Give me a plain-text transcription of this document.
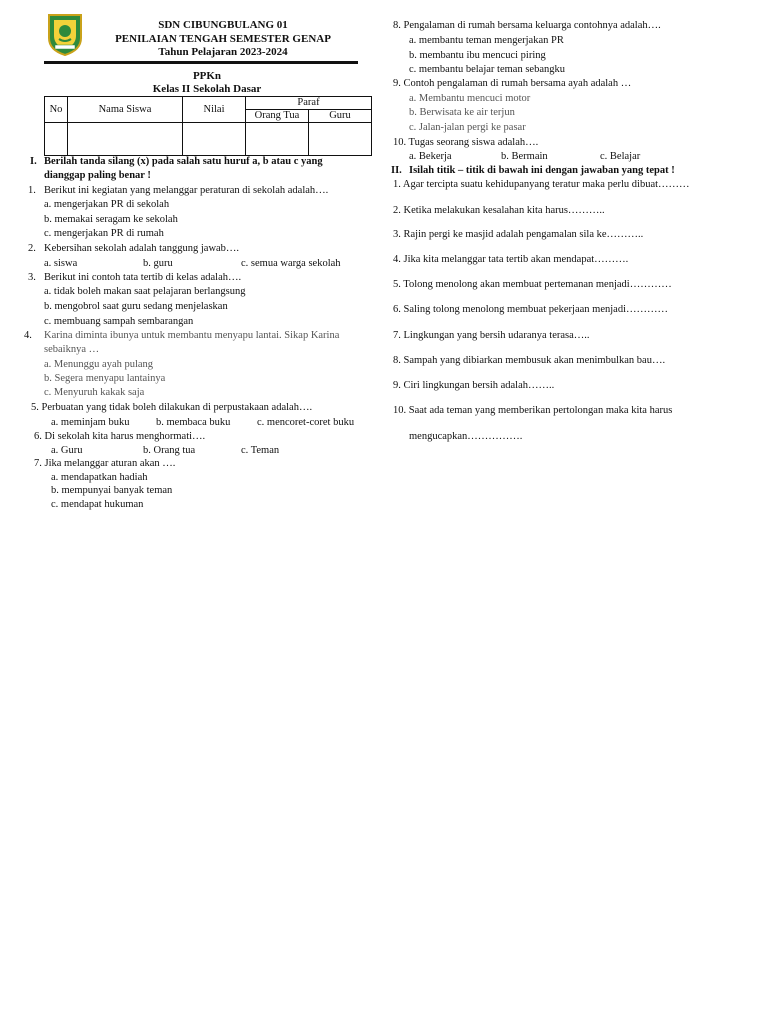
SDN CIBUNGBULANG 01
PENILAIAN TENGAH SEMESTER GENAP
Tahun Pelajaran 2023-2024
PPKn
Kelas II Sekolah Dasar
No	Nama Siswa	Nilai	Paraf	
			Orang Tua	Guru

I. Berilah tanda silang (x) pada salah satu huruf a, b atau c yang
dianggap paling benar !
1. Berikut ini kegiatan yang melanggar peraturan di sekolah adalah….
a. mengerjakan PR di sekolah
b. memakai seragam ke sekolah
c. mengerjakan PR di rumah
2. Kebersihan sekolah adalah tanggung jawab….
a. siswa	b. guru	c. semua warga sekolah
3. Berikut ini contoh tata tertib di kelas adalah….
a. tidak boleh makan saat pelajaran berlangsung
b. mengobrol saat guru sedang menjelaskan
c. membuang sampah sembarangan
4. Karina diminta ibunya untuk membantu menyapu lantai. Sikap Karina
sebaiknya …
a. Menunggu ayah pulang
b. Segera menyapu lantainya
c. Menyuruh kakak saja
5. Perbuatan yang tidak boleh dilakukan di perpustakaan adalah….
a. meminjam buku	b. membaca buku	c. mencoret-coret buku
6. Di sekolah kita harus menghormati….
a. Guru	b. Orang tua	c. Teman
7. Jika melanggar aturan akan ….
a. mendapatkan hadiah
b. mempunyai banyak teman
c. mendapat hukuman
8. Pengalaman di rumah bersama keluarga contohnya adalah….
a. membantu teman mengerjakan PR
b. membantu ibu mencuci piring
c. membantu belajar teman sebangku
9. Contoh pengalaman di rumah bersama ayah adalah …
a. Membantu mencuci motor
b. Berwisata ke air terjun
c. Jalan-jalan pergi ke pasar
10. Tugas seorang siswa adalah….
a. Bekerja	b. Bermain	c. Belajar
II. Isilah titik – titik di bawah ini dengan jawaban yang tepat !
1. Agar tercipta suatu kehidupanyang teratur maka perlu dibuat………
2. Ketika melakukan kesalahan kita harus………..
3. Rajin pergi ke masjid adalah pengamalan sila ke………..
4. Jika kita melanggar tata tertib akan mendapat……….
5. Tolong menolong akan membuat pertemanan menjadi…………
6. Saling tolong menolong membuat pekerjaan menjadi…………
7. Lingkungan yang bersih udaranya terasa…..
8. Sampah yang dibiarkan membusuk akan menimbulkan bau….
9. Ciri lingkungan bersih adalah……..
10. Saat ada teman yang memberikan pertolongan maka kita harus
mengucapkan…………….
